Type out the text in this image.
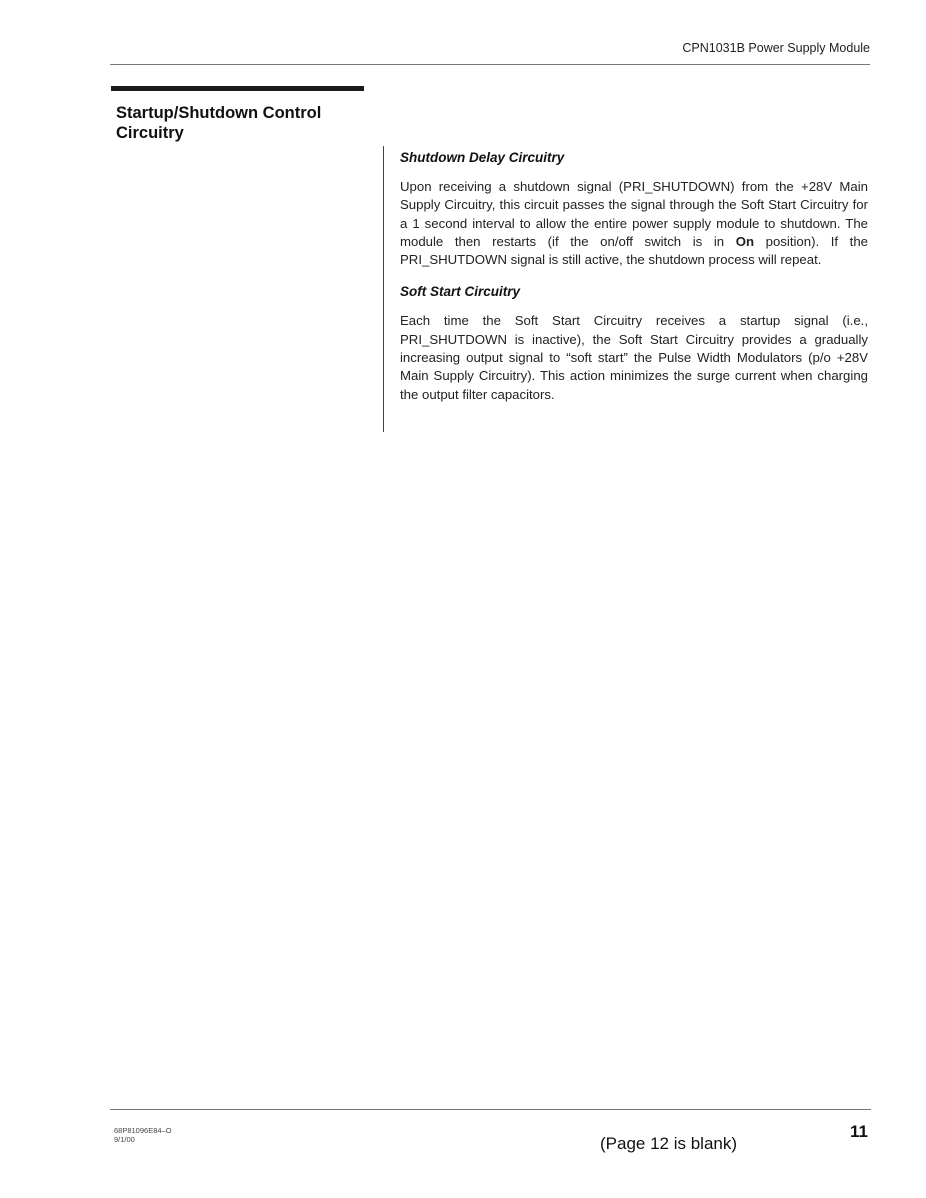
CPN1031B Power Supply Module
Startup/Shutdown Control Circuitry
Shutdown Delay Circuitry

Upon receiving a shutdown signal (PRI_SHUTDOWN) from the +28V Main Supply Circuitry, this circuit passes the signal through the Soft Start Circuitry for a 1 second interval to allow the entire power supply module to shutdown. The module then restarts (if the on/off switch is in On position). If the PRI_SHUTDOWN signal is still active, the shutdown process will repeat.

Soft Start Circuitry

Each time the Soft Start Circuitry receives a startup signal (i.e., PRI_SHUTDOWN is inactive), the Soft Start Circuitry provides a gradually increasing output signal to “soft start” the Pulse Width Modulators (p/o +28V Main Supply Circuitry). This action minimizes the surge current when charging the output filter capacitors.

68P81096E84–O
9/1/00	(Page 12 is blank)
11
